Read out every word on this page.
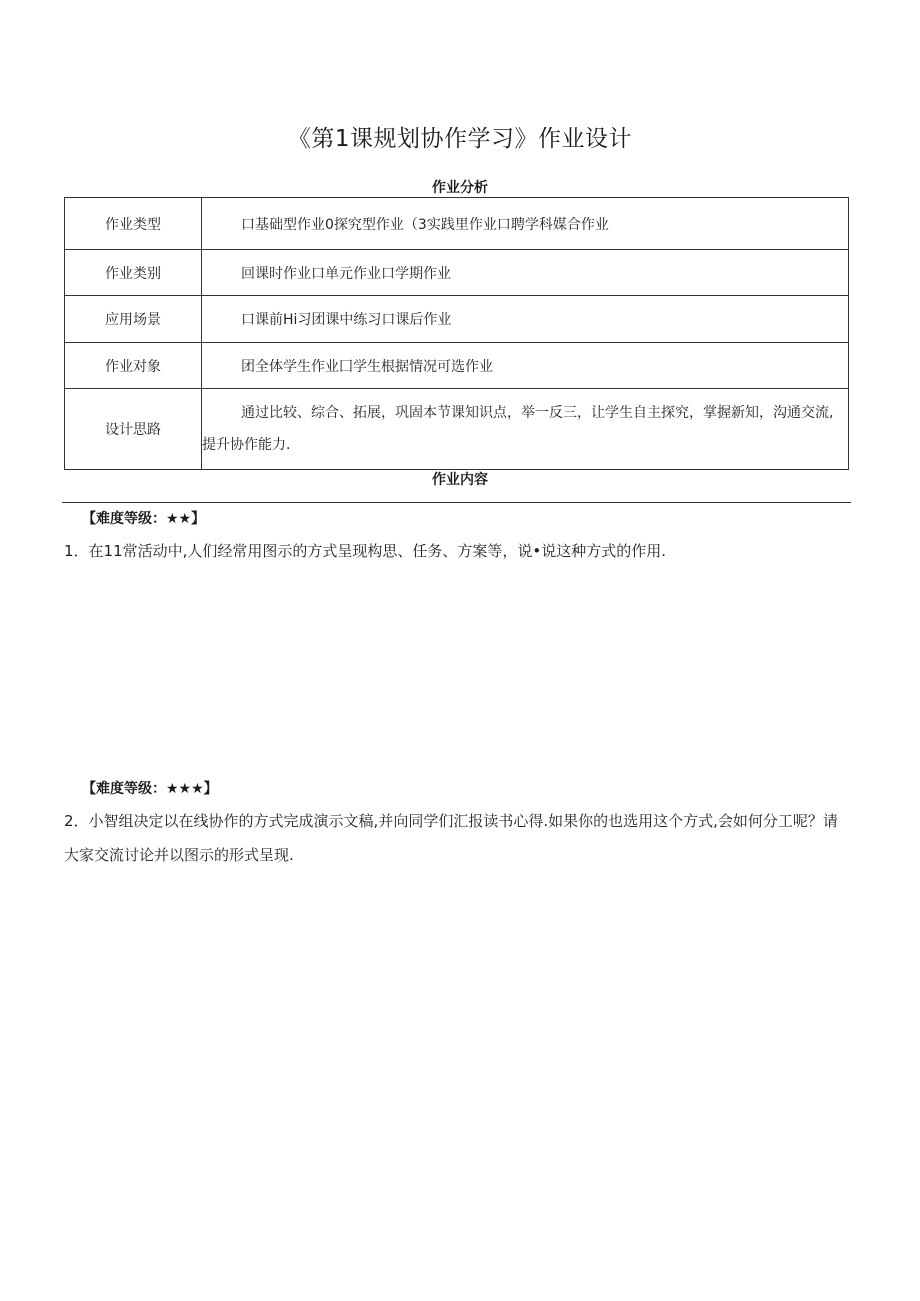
《第1课规划协作学习》作业设计
作业分析
作业类型	口基础型作业0探究型作业（3实践里作业口聘学科媒合作业
作业类别	回课时作业口单元作业口学期作业
应用场景	口课前Hi习团课中练习口课后作业
作业对象	团全体学生作业囗学生根据情况可选作业
设计思路	通过比较、综合、拓展，巩固本节课知识点，举一反三，让学生自主探究，掌握新知，沟通交流,提升协作能力.
作业内容
【难度等级：★★】
1．在11常活动中,人们经常用图示的方式呈现构思、任务、方案等，说•说这种方式的作用.
【难度等级：★★★】
2．小智组决定以在线协作的方式完成演示文稿,并向同学们汇报读书心得.如果你的也选用这个方式,会如何分工呢？请大家交流讨论并以图示的形式呈现.
